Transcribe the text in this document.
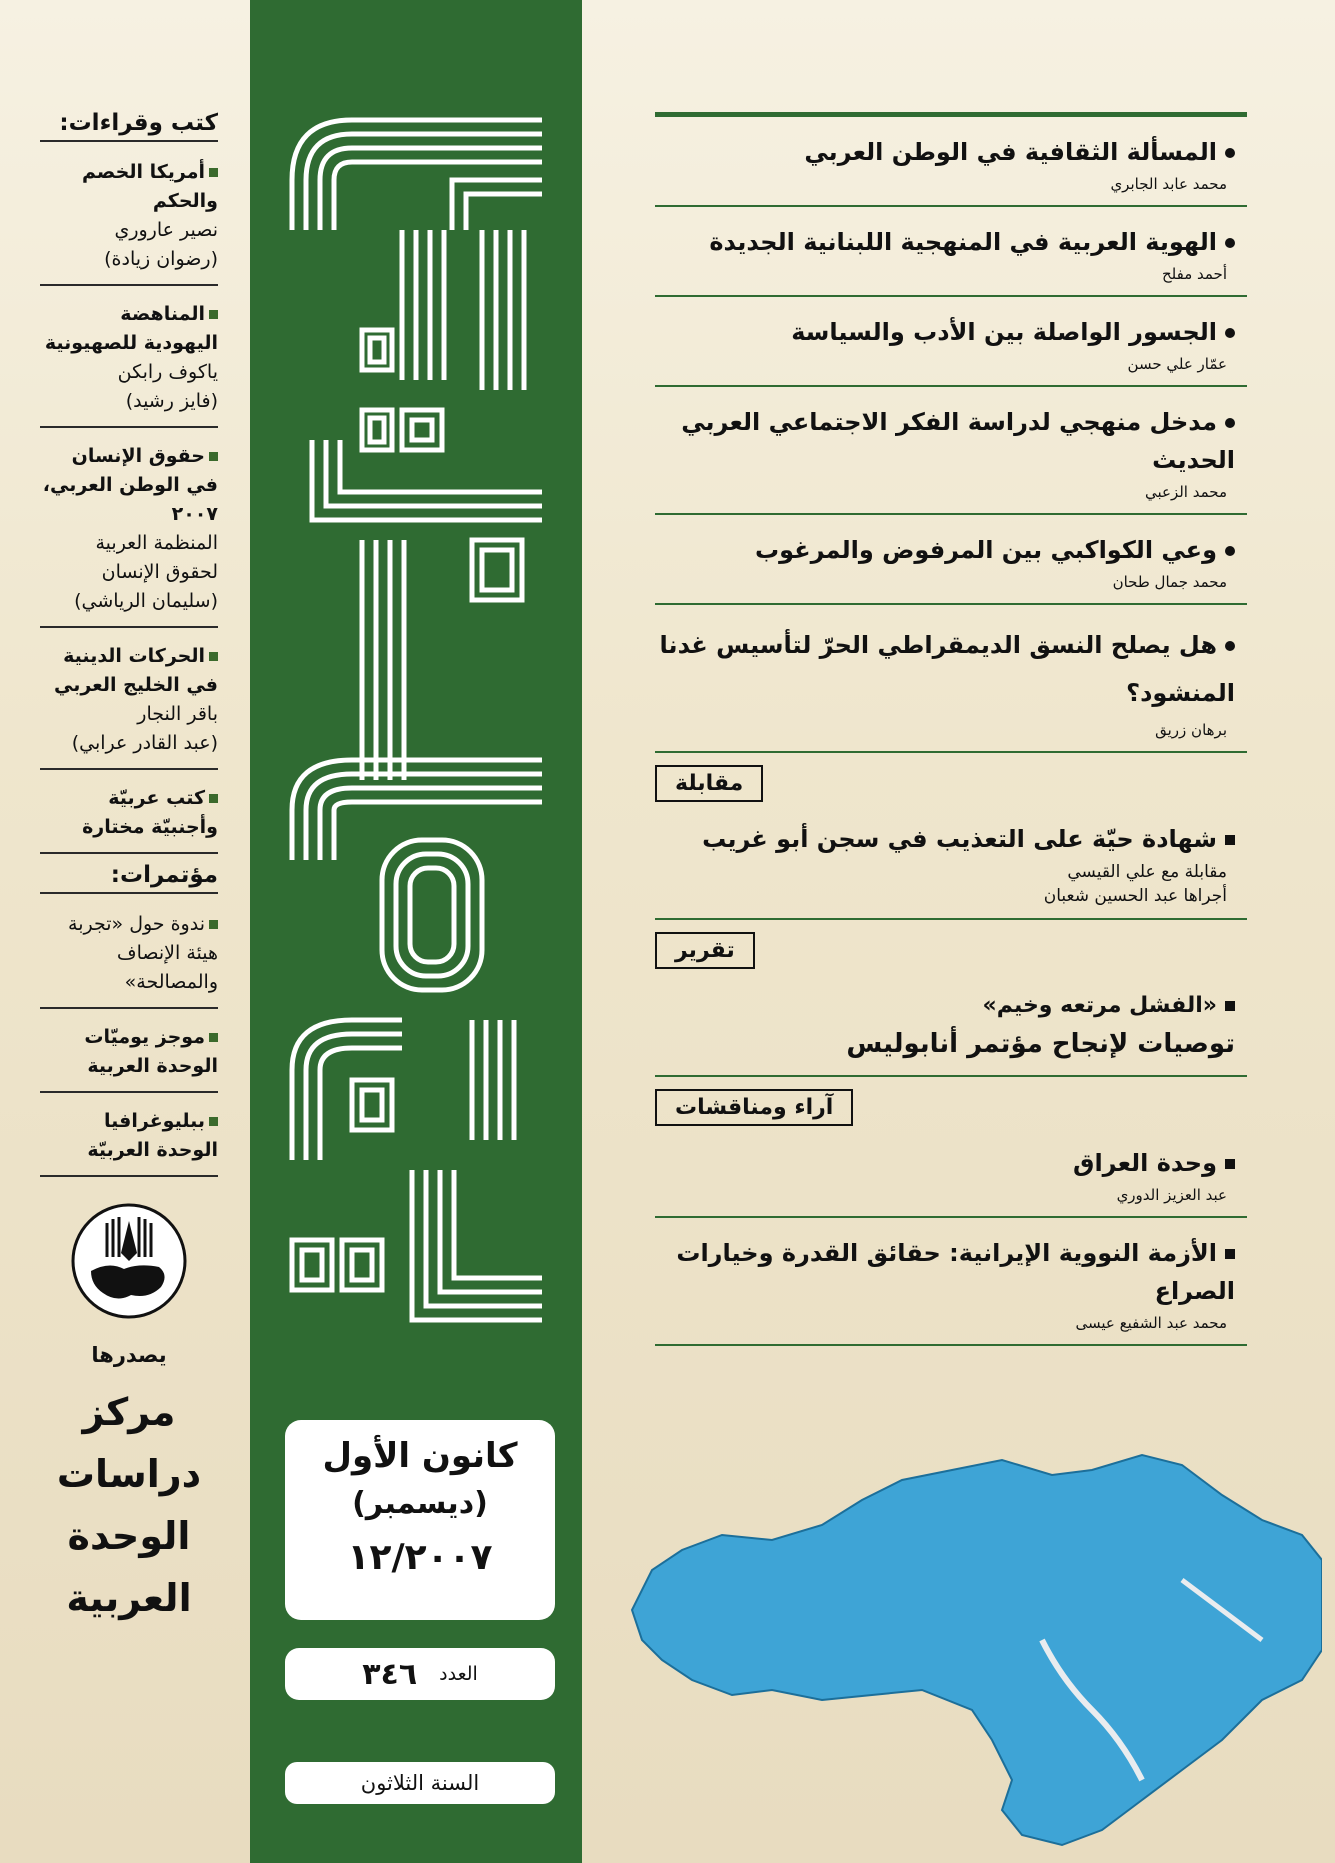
كتب وقراءات:
أمريكا الخصم والحكم
نصير عاروري
(رضوان زيادة)
المناهضة اليهودية للصهيونية
ياكوف رابكن
(فايز رشيد)
حقوق الإنسان في الوطن العربي، ٢٠٠٧
المنظمة العربية لحقوق الإنسان
(سليمان الرياشي)
الحركات الدينية في الخليج العربي
باقر النجار
(عبد القادر عرابي)
كتب عربيّة وأجنبيّة مختارة
مؤتمرات:
ندوة حول «تجربة هيئة الإنصاف والمصالحة»
موجز يوميّات الوحدة العربية
ببليوغرافيا الوحدة العربيّة
يصدرها
مركز
دراسات
الوحدة
العربية
كانون الأول
(ديسمبر)
١٢/٢٠٠٧
العدد
٣٤٦
السنة الثلاثون
المسألة الثقافية في الوطن العربي
محمد عابد الجابري
الهوية العربية في المنهجية اللبنانية الجديدة
أحمد مفلح
الجسور الواصلة بين الأدب والسياسة
عمّار علي حسن
مدخل منهجي لدراسة الفكر الاجتماعي العربي الحديث
محمد الزعبي
وعي الكواكبي بين المرفوض والمرغوب
محمد جمال طحان
هل يصلح النسق الديمقراطي الحرّ لتأسيس غدنا المنشود؟
برهان زريق
مقابلة
شهادة حيّة على التعذيب في سجن أبو غريب
مقابلة مع علي القيسي
أجراها عبد الحسين شعبان
تقرير
«الفشل مرتعه وخيم»
توصيات لإنجاح مؤتمر أنابوليس
آراء ومناقشات
وحدة العراق
عبد العزيز الدوري
الأزمة النووية الإيرانية: حقائق القدرة وخيارات الصراع
محمد عبد الشفيع عيسى
